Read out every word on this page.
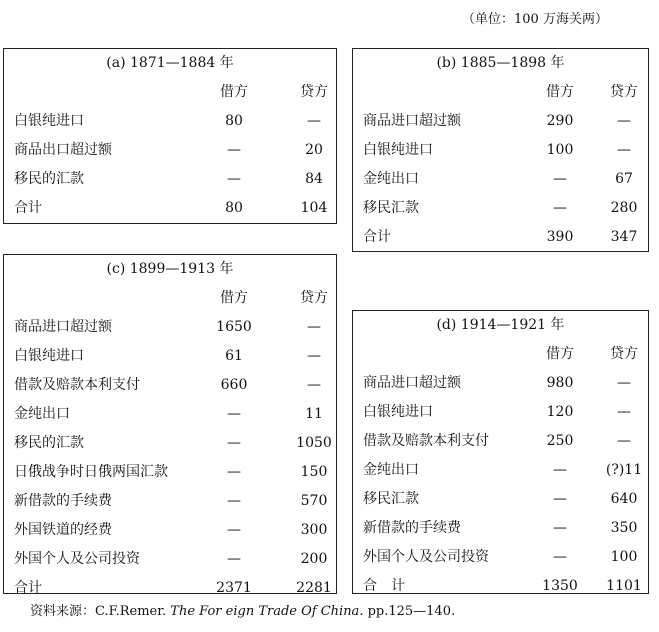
（单位：100 万海关两）
(a) 1871—1884 年
借方	贷方
白银纯进口	80	—
商品出口超过额	—	20
移民的汇款	—	84
合计	80	104
(b) 1885—1898 年
借方	贷方
商品进口超过额	290	—
白银纯进口	100	—
金纯出口	—	67
移民汇款	—	280
合计	390	347
(c) 1899—1913 年
借方	贷方
商品进口超过额	1650	—
白银纯进口	61	—
借款及赔款本利支付	660	—
金纯出口	—	11
移民的汇款	—	1050
日俄战争时日俄两国汇款	—	150
新借款的手续费	—	570
外国铁道的经费	—	300
外国个人及公司投资	—	200
合计	2371	2281
(d) 1914—1921 年
借方	贷方
商品进口超过额	980	—
白银纯进口	120	—
借款及赔款本利支付	250	—
金纯出口	—	(?)11
移民汇款	—	640
新借款的手续费	—	350
外国个人及公司投资	—	100
合　计	1350 1101
资料来源：C.F.Remer. The For eign Trade Of China. pp.125—140.
